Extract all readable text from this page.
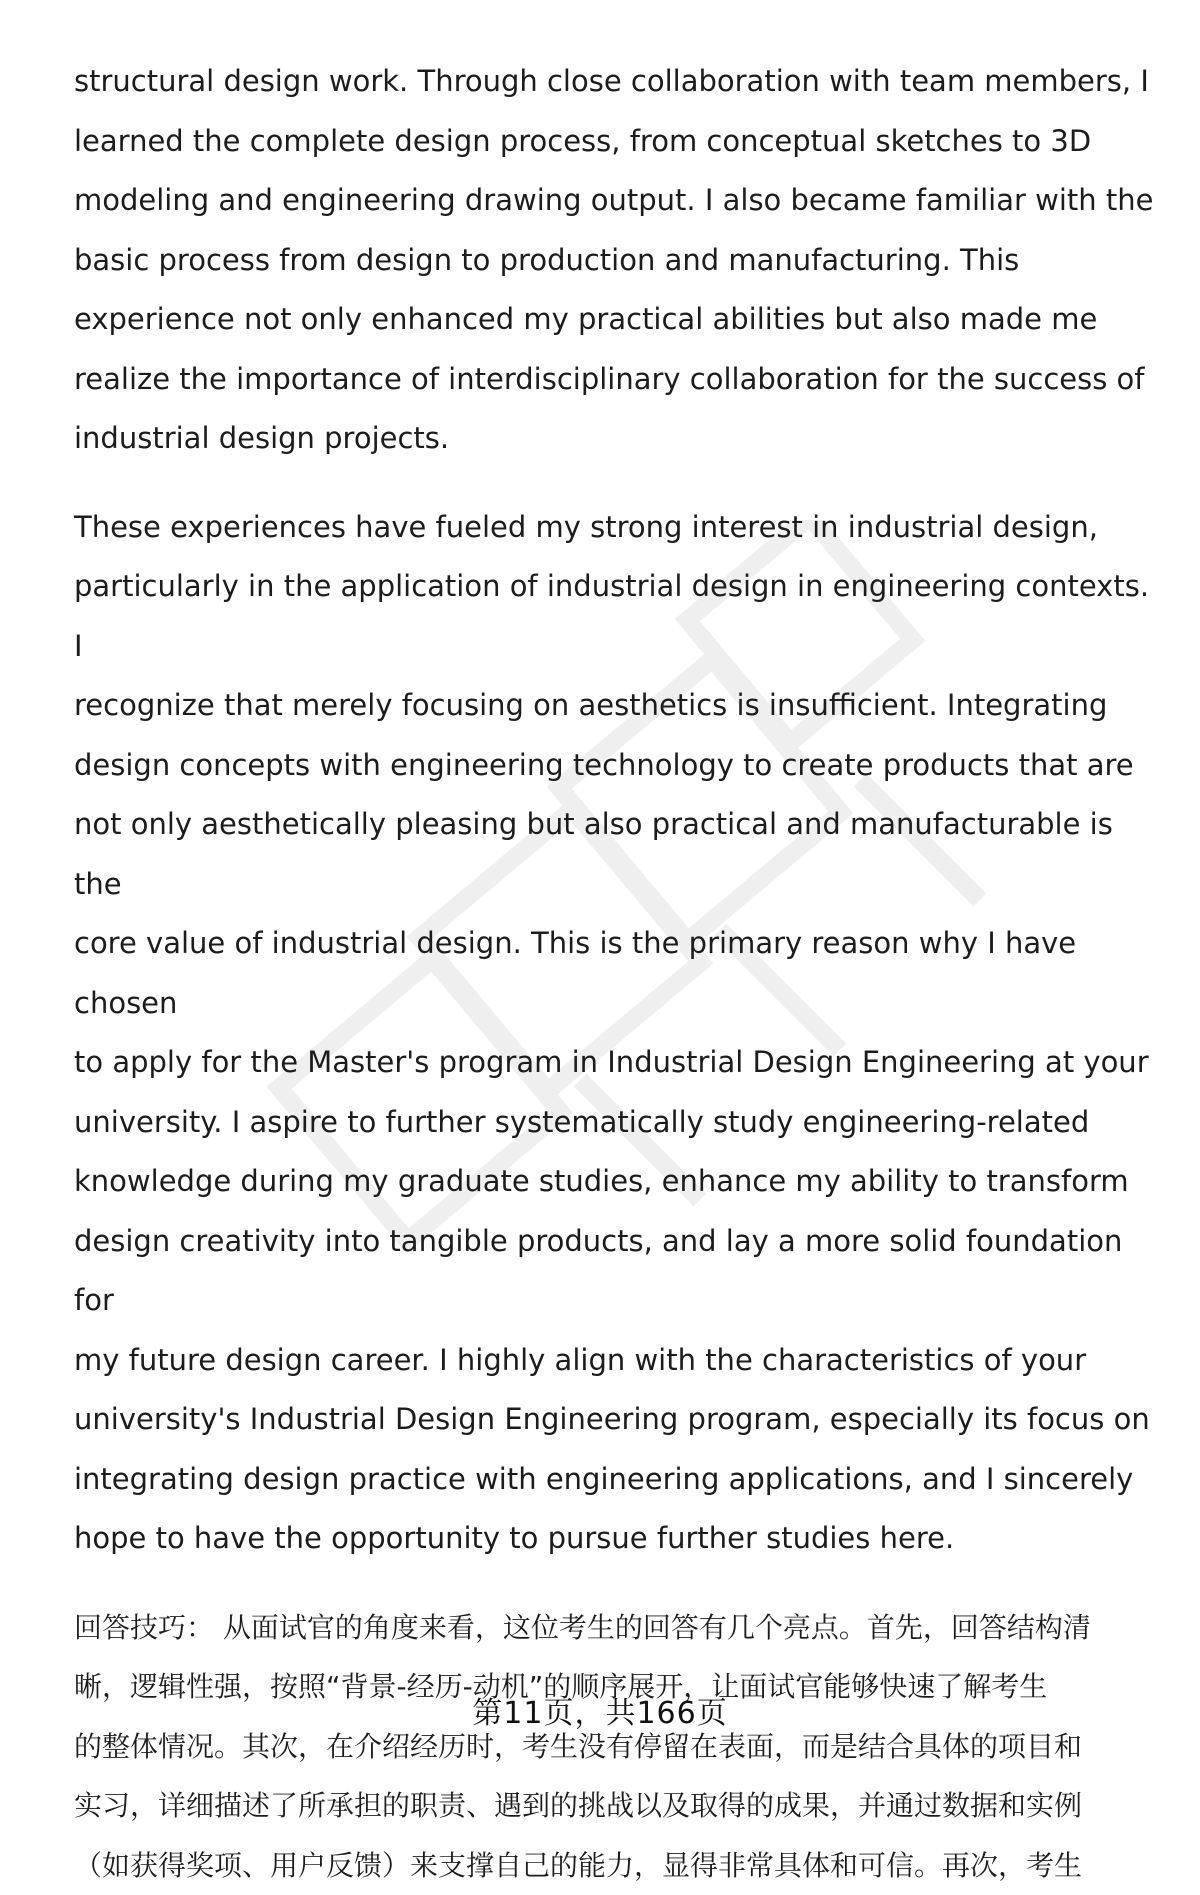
structural design work. Through close collaboration with team members, I
learned the complete design process, from conceptual sketches to 3D
modeling and engineering drawing output. I also became familiar with the
basic process from design to production and manufacturing. This
experience not only enhanced my practical abilities but also made me
realize the importance of interdisciplinary collaboration for the success of
industrial design projects.

These experiences have fueled my strong interest in industrial design,
particularly in the application of industrial design in engineering contexts. I
recognize that merely focusing on aesthetics is insufficient. Integrating
design concepts with engineering technology to create products that are
not only aesthetically pleasing but also practical and manufacturable is the
core value of industrial design. This is the primary reason why I have chosen
to apply for the Master's program in Industrial Design Engineering at your
university. I aspire to further systematically study engineering-related
knowledge during my graduate studies, enhance my ability to transform
design creativity into tangible products, and lay a more solid foundation for
my future design career. I highly align with the characteristics of your
university's Industrial Design Engineering program, especially its focus on
integrating design practice with engineering applications, and I sincerely
hope to have the opportunity to pursue further studies here.

回答技巧： 从面试官的角度来看，这位考生的回答有几个亮点。首先，回答结构清
晰，逻辑性强，按照“背景-经历-动机”的顺序展开，让面试官能够快速了解考生
的整体情况。其次，在介绍经历时，考生没有停留在表面，而是结合具体的项目和
实习，详细描述了所承担的职责、遇到的挑战以及取得的成果，并通过数据和实例
（如获得奖项、用户反馈）来支撑自己的能力，显得非常具体和可信。再次，考生

第11页，共166页
